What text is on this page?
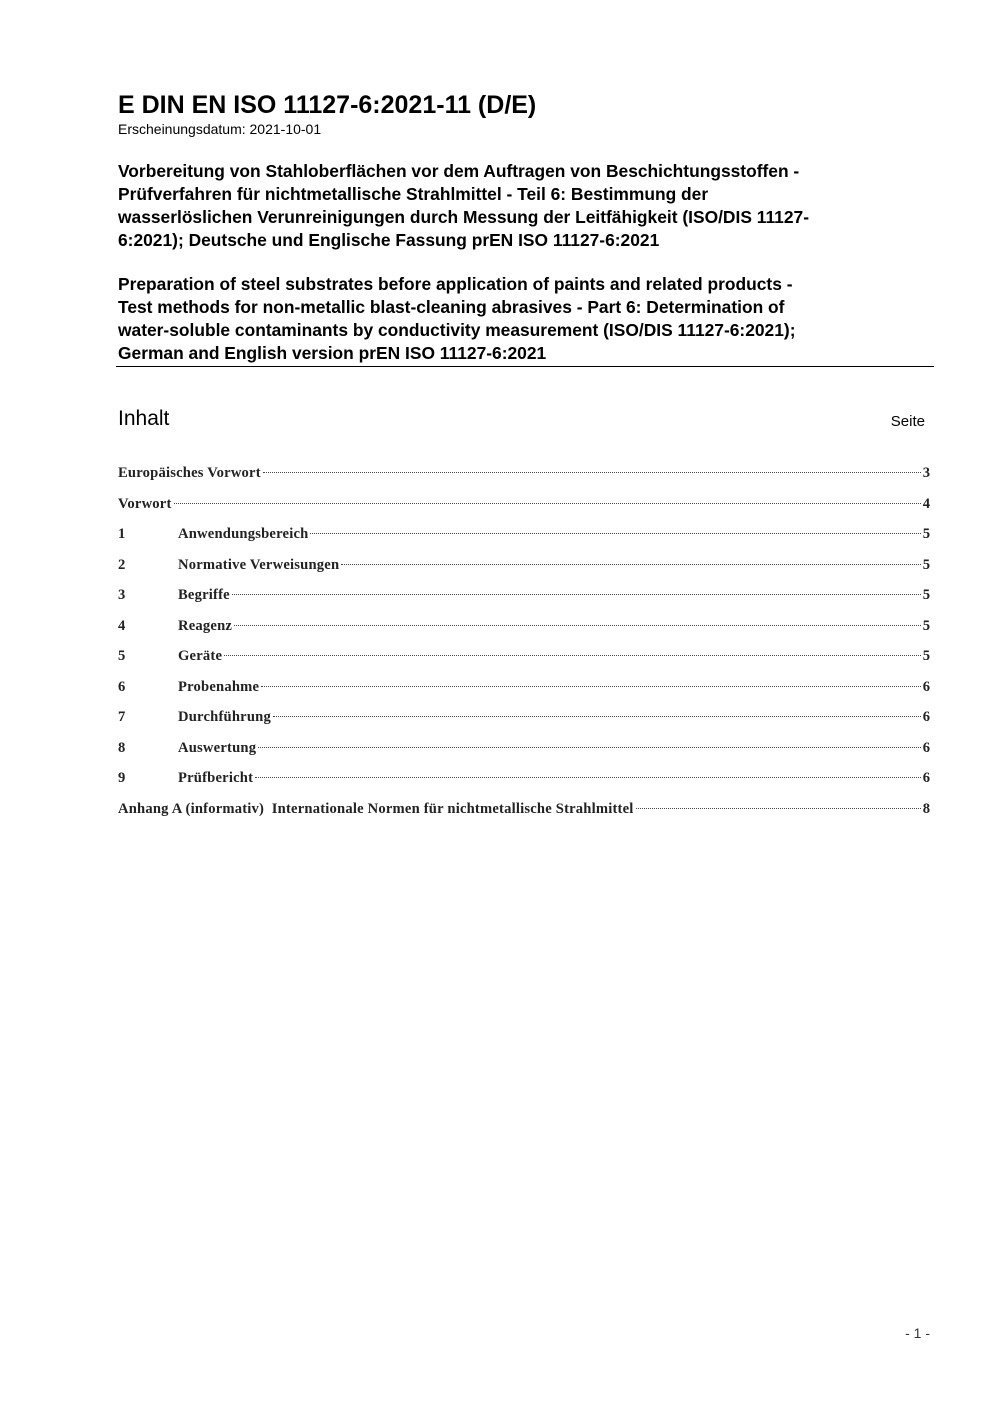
E DIN EN ISO 11127-6:2021-11 (D/E)
Erscheinungsdatum: 2021-10-01
Vorbereitung von Stahloberflächen vor dem Auftragen von Beschichtungsstoffen -
Prüfverfahren für nichtmetallische Strahlmittel - Teil 6: Bestimmung der
wasserlöslichen Verunreinigungen durch Messung der Leitfähigkeit (ISO/DIS 11127-
6:2021); Deutsche und Englische Fassung prEN ISO 11127-6:2021
Preparation of steel substrates before application of paints and related products -
Test methods for non-metallic blast-cleaning abrasives - Part 6: Determination of
water-soluble contaminants by conductivity measurement (ISO/DIS 11127-6:2021);
German and English version prEN ISO 11127-6:2021
Inhalt	Seite
Europäisches Vorwort	3
Vorwort	4
1	Anwendungsbereich	5
2	Normative Verweisungen	5
3	Begriffe	5
4	Reagenz	5
5	Geräte	5
6	Probenahme	6
7	Durchführung	6
8	Auswertung	6
9	Prüfbericht	6
Anhang A (informativ)  Internationale Normen für nichtmetallische Strahlmittel	8
- 1 -
